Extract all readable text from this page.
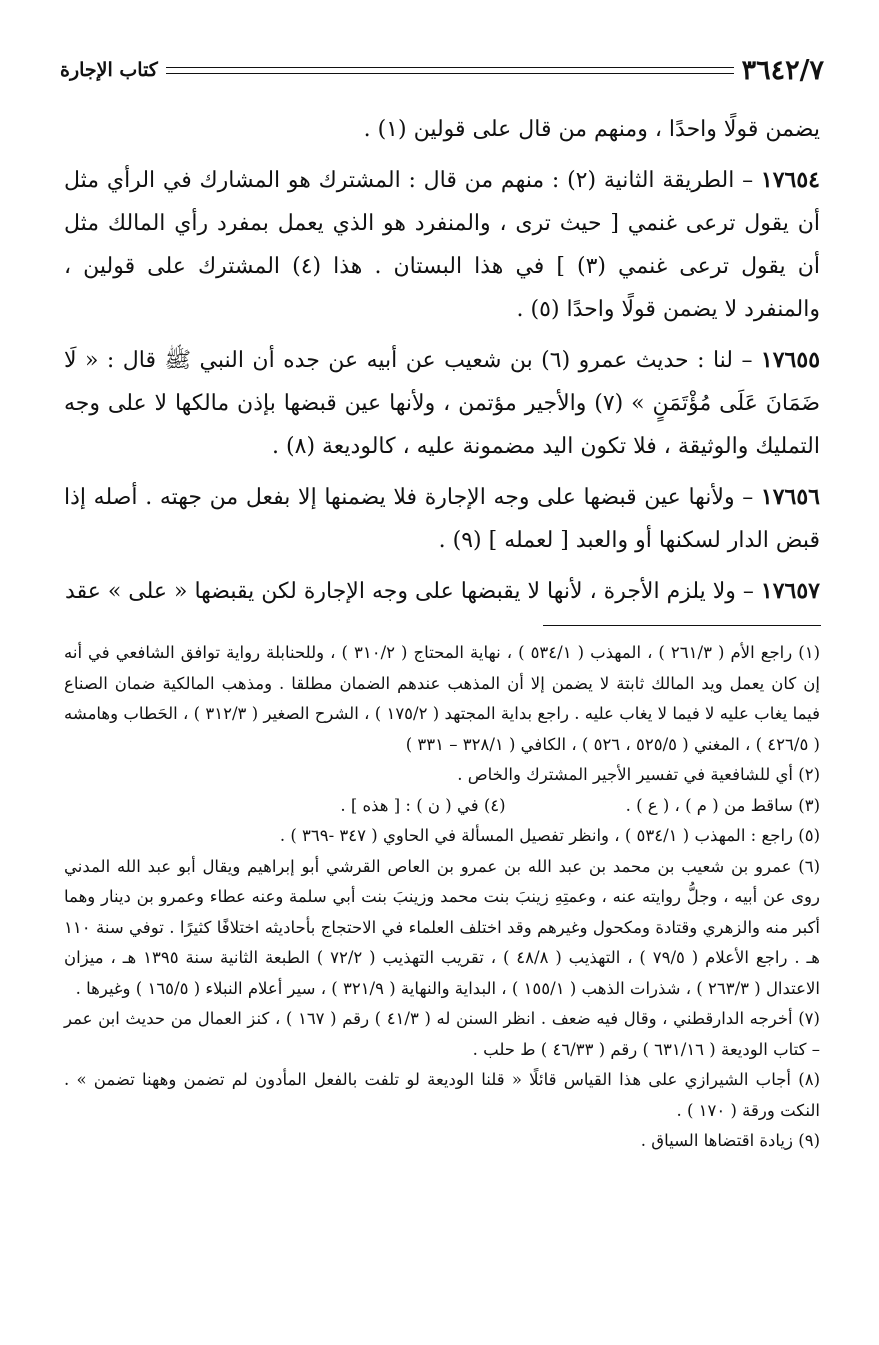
كتاب الإجارة	٣٦٤٢/٧

يضمن قولًا واحدًا ، ومنهم من قال على قولين (١) .

١٧٦٥٤ – الطريقة الثانية (٢) : منهم من قال : المشترك هو المشارك في الرأي مثل أن يقول ترعى غنمي [ حيث ترى ، والمنفرد هو الذي يعمل بمفرد رأي المالك مثل أن يقول ترعى غنمي (٣) ] في هذا البستان . هذا (٤) المشترك على قولين ، والمنفرد لا يضمن قولًا واحدًا (٥) .

١٧٦٥٥ – لنا : حديث عمرو (٦) بن شعيب عن أبيه عن جده أن النبي ﷺ قال : « لَا ضَمَانَ عَلَى مُؤْتَمَنٍ » (٧) والأجير مؤتمن ، ولأنها عين قبضها بإذن مالكها لا على وجه التمليك والوثيقة ، فلا تكون اليد مضمونة عليه ، كالوديعة (٨) .

١٧٦٥٦ – ولأنها عين قبضها على وجه الإجارة فلا يضمنها إلا بفعل من جهته . أصله إذا قبض الدار لسكنها أو والعبد [ لعمله ] (٩) .

١٧٦٥٧ – ولا يلزم الأجرة ، لأنها لا يقبضها على وجه الإجارة لكن يقبضها « على » عقد

(١) راجع الأم ( ٢٦١/٣ ) ، المهذب ( ٥٣٤/١ ) ، نهاية المحتاج ( ٣١٠/٢ ) ، وللحنابلة رواية توافق الشافعي في أنه إن كان يعمل ويد المالك ثابتة لا يضمن إلا أن المذهب عندهم الضمان مطلقا . ومذهب المالكية ضمان الصناع فيما يغاب عليه لا فيما لا يغاب عليه . راجع بداية المجتهد ( ١٧٥/٢ ) ، الشرح الصغير ( ٣١٢/٣ ) ، الحَطاب وهامشه ( ٤٢٦/٥ ) ، المغني ( ٥٢٥/٥ ، ٥٢٦ ) ، الكافي ( ٣٢٨/١ – ٣٣١ )

(٢) أي للشافعية في تفسير الأجير المشترك والخاص .

(٣) ساقط من ( م ) ، ( ع ) .
(٤) في ( ن ) : [ هذه ] .

(٥) راجع : المهذب ( ٥٣٤/١ ) ، وانظر تفصيل المسألة في الحاوي ( ٣٤٧ -٣٦٩ ) .

(٦) عمرو بن شعيب بن محمد بن عبد الله بن عمرو بن العاص القرشي أبو إبراهيم ويقال أبو عبد الله المدني روى عن أبيه ، وجلُّ روايته عنه ، وعمتِهِ زينبَ بنت محمد وزينبَ بنت أبي سلمة وعنه عطاء وعمرو بن دينار وهما أكبر منه والزهري وقتادة ومكحول وغيرهم وقد اختلف العلماء في الاحتجاج بأحاديثه اختلافًا كثيرًا . توفي سنة ١١٠ هـ . راجع الأعلام ( ٧٩/٥ ) ، التهذيب ( ٤٨/٨ ) ، تقريب التهذيب ( ٧٢/٢ ) الطبعة الثانية سنة ١٣٩٥ هـ ، ميزان الاعتدال ( ٢٦٣/٣ ) ، شذرات الذهب ( ١٥٥/١ ) ، البداية والنهاية ( ٣٢١/٩ ) ، سير أعلام النبلاء ( ١٦٥/٥ ) وغيرها .

(٧) أخرجه الدارقطني ، وقال فيه ضعف . انظر السنن له ( ٤١/٣ ) رقم ( ١٦٧ ) ، كنز العمال من حديث ابن عمر – كتاب الوديعة ( ٦٣١/١٦ ) رقم ( ٤٦/٣٣ ) ط حلب .

(٨) أجاب الشيرازي على هذا القياس قائلًا « قلنا الوديعة لو تلفت بالفعل المأدون لم تضمن وههنا تضمن » . النكت ورقة ( ١٧٠ ) .

(٩) زيادة اقتضاها السياق .
